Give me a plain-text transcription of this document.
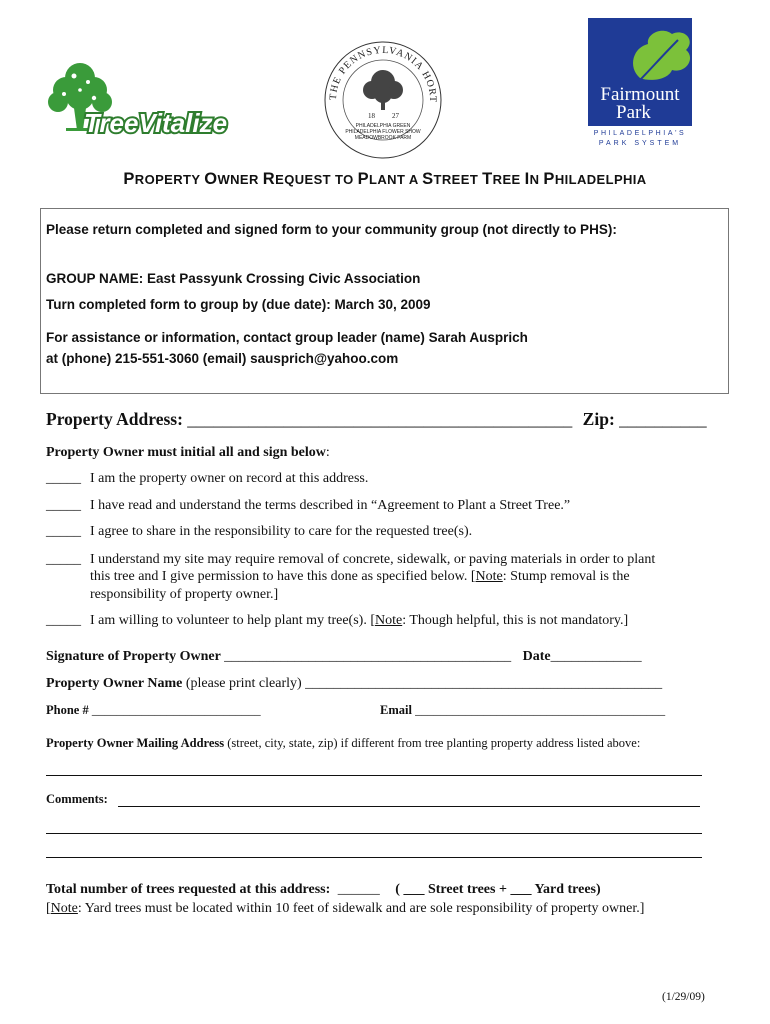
TreeVitalize
THE PENNSYLVANIA HORT
18 27
PHILADELPHIA GREEN
PHILADELPHIA FLOWER SHOW
MEADOWBROOK FARM
Fairmount
Park
PHILADELPHIA'S
PARK SYSTEM
PROPERTY OWNER REQUEST TO PLANT A STREET TREE IN PHILADELPHIA
Please return completed and signed form to your community group (not directly to PHS):
GROUP NAME: East Passyunk Crossing Civic Association
Turn completed form to group by (due date): March 30, 2009
For assistance or information, contact group leader (name) Sarah Ausprich
at (phone) 215-551-3060 (email) sausprich@yahoo.com
Property Address: ____________________________________________ Zip: __________
Property Owner must initial all and sign below:
_____ I am the property owner on record at this address.
_____ I have read and understand the terms described in “Agreement to Plant a Street Tree.”
_____ I agree to share in the responsibility to care for the requested tree(s).
_____ I understand my site may require removal of concrete, sidewalk, or paving materials in order to plant
this tree and I give permission to have this done as specified below. [Note: Stump removal is the
responsibility of property owner.]
_____ I am willing to volunteer to help plant my tree(s). [Note: Though helpful, this is not mandatory.]
Signature of Property Owner _________________________________________ Date_____________
Property Owner Name (please print clearly) ___________________________________________________
Phone # ___________________________	Email ________________________________________
Property Owner Mailing Address (street, city, state, zip) if different from tree planting property address listed above:
Comments:
Total number of trees requested at this address: ______ ( ___ Street trees + ___ Yard trees)
[Note: Yard trees must be located within 10 feet of sidewalk and are sole responsibility of property owner.]
(1/29/09)
